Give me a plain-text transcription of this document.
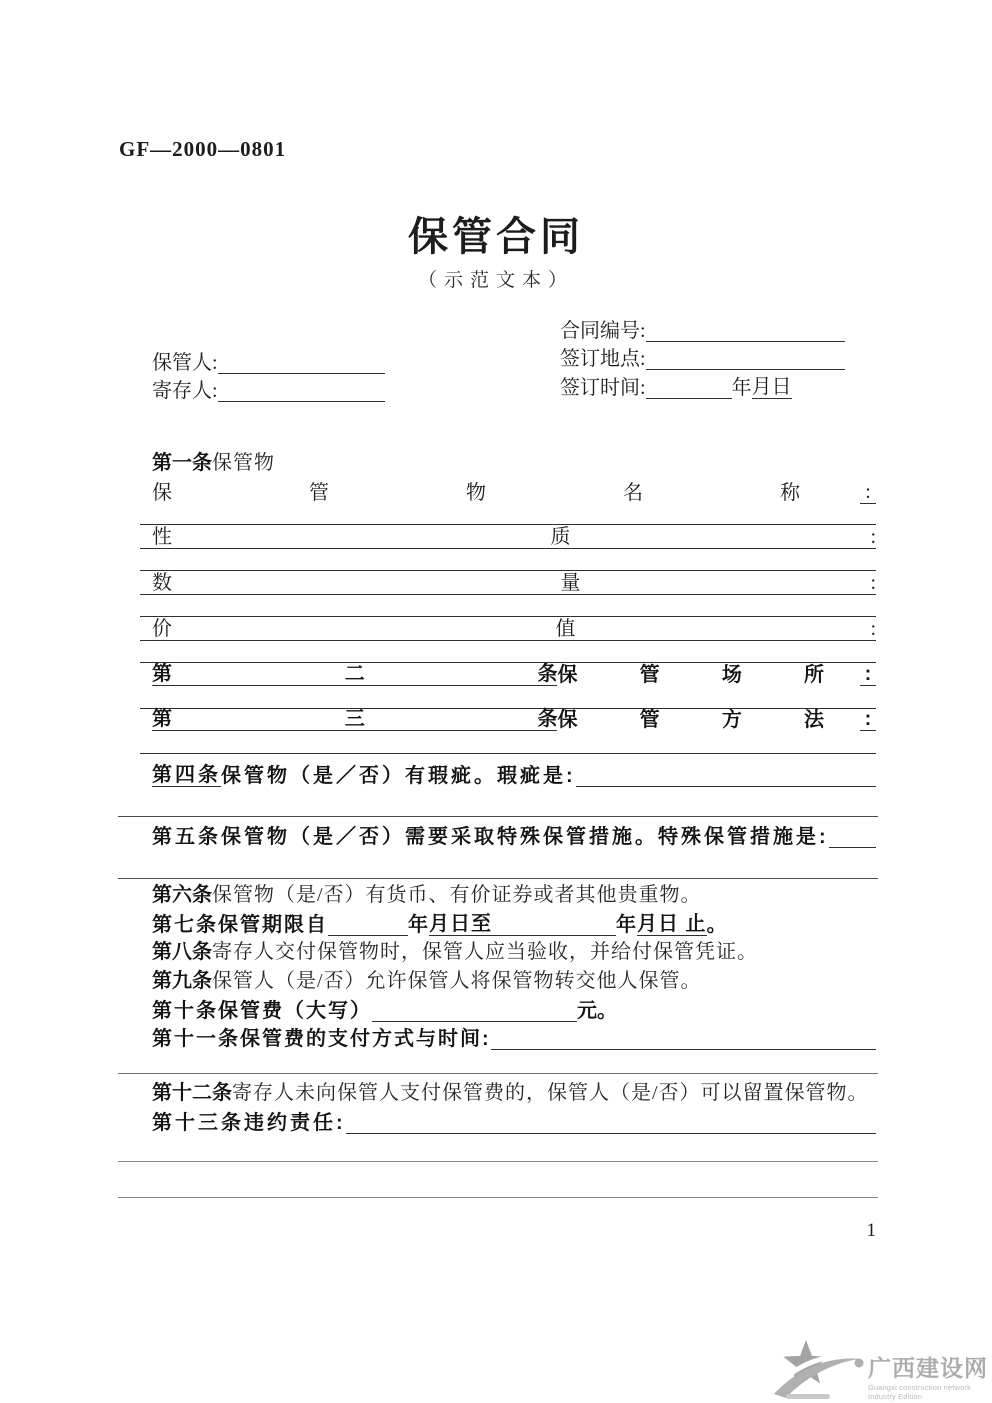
GF—2000—0801
保管合同
（示范文本）
合同编号:
签订地点:
签订时间:	年 月日
保管人:
寄存人:
第一条保管物
保	管	物	名	称	:
性	质	:
数	量	:
价	值	:
第	二	条 保	管	场	所 :
第	三	条 保	管	方	法 :
第四条 保管物（是／否）有瑕疵。瑕疵是:
第五条保管物（是／否）需要采取特殊保管措施。特殊保管措施是:
第六条保管物（是/否）有货币、有价证券或者其他贵重物。
第七条保管期限自	年 月日至	年 月日 止 。
第八条寄存人交付保管物时，保管人应当验收，并给付保管凭证。
第九条保管人（是/否）允许保管人将保管物转交他人保管。
第十条保管费（大写）	元。
第十一条保管费的支付方式与时间:
第十二条寄存人未向保管人支付保管费的，保管人（是/否）可以留置保管物。
第十三条违约责任:
1
广西建设网
Guangxi construction network Industry Edition
